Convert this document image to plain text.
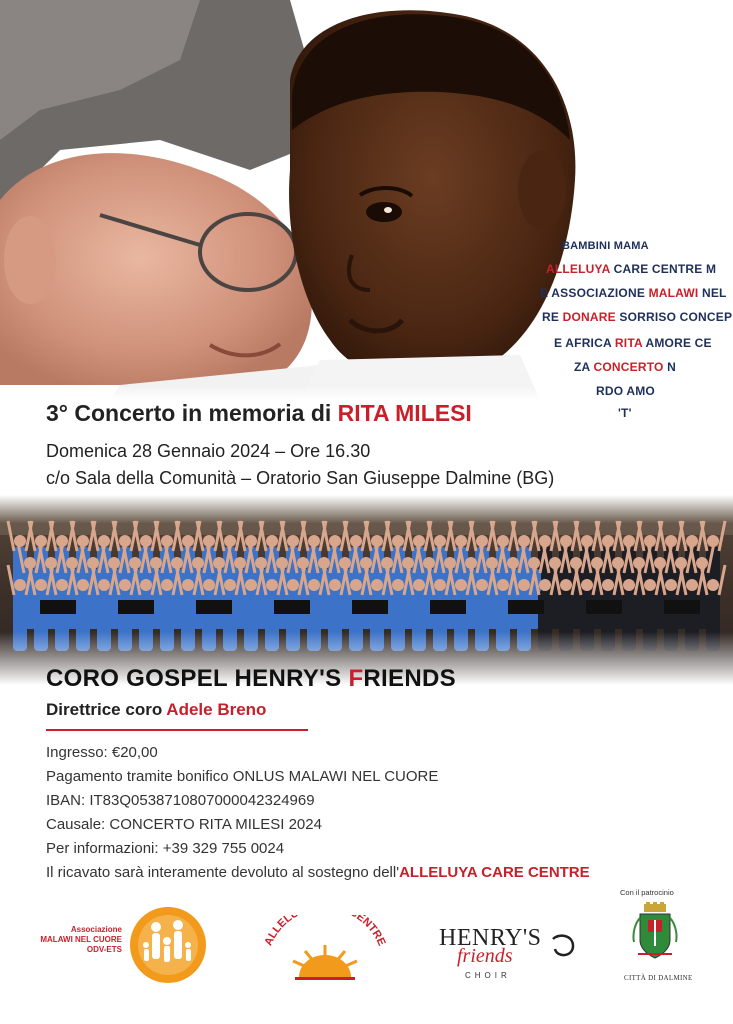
BAMBINI MAMA
ALLELUYA CARE CENTRE M
E ASSOCIAZIONE MALAWI NEL
RE DONARE SORRISO CONCEP
E AFRICA RITA AMORE CE
ZA CONCERTO N
RDO AMO
'T'
3° Concerto in memoria di RITA MILESI
Domenica 28 Gennaio 2024 – Ore 16.30
c/o Sala della Comunità – Oratorio San Giuseppe Dalmine (BG)
CORO GOSPEL HENRY'S FRIENDS
Direttrice coro Adele Breno
Ingresso: €20,00
Pagamento tramite bonifico ONLUS MALAWI NEL CUORE
IBAN: IT83Q0538710807000042324969
Causale: CONCERTO RITA MILESI 2024
Per informazioni: +39 329 755 0024
Il ricavato sarà interamente devoluto al sostegno dell'ALLELUYA CARE CENTRE
Associazione
MALAWI NEL CUORE
ODV-ETS
ALLEL ENTRE HENRY'S
friends
CHOIR
Con il patrocinio
CITTÀ DI DALMINE
